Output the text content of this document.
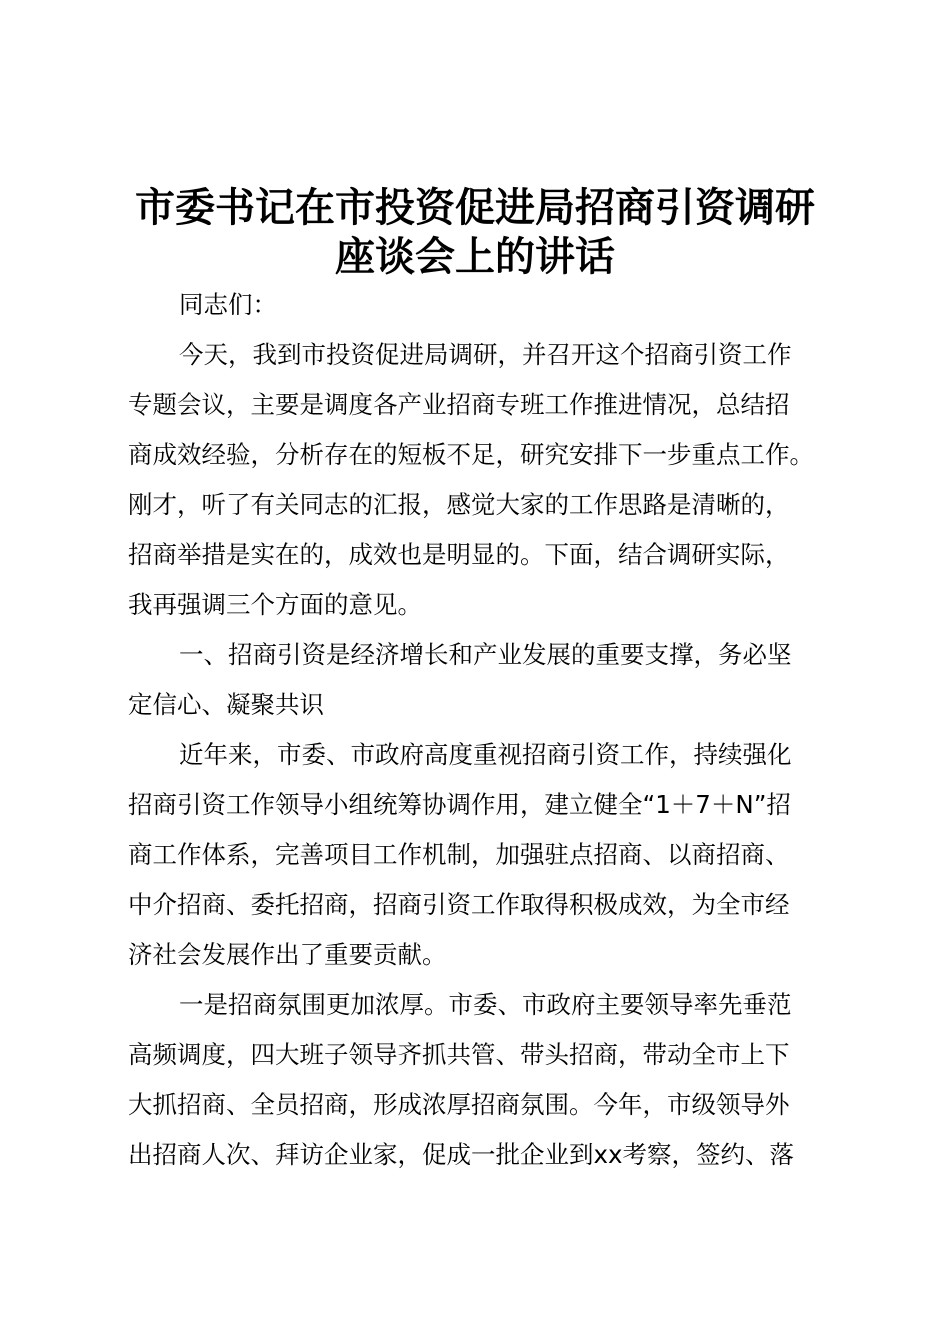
市委书记在市投资促进局招商引资调研
座谈会上的讲话
同志们：
今天，我到市投资促进局调研，并召开这个招商引资工作
专题会议，主要是调度各产业招商专班工作推进情况，总结招
商成效经验，分析存在的短板不足，研究安排下一步重点工作。
刚才，听了有关同志的汇报，感觉大家的工作思路是清晰的，
招商举措是实在的，成效也是明显的。下面，结合调研实际，
我再强调三个方面的意见。
一、招商引资是经济增长和产业发展的重要支撑，务必坚
定信心、凝聚共识
近年来，市委、市政府高度重视招商引资工作，持续强化
招商引资工作领导小组统筹协调作用，建立健全“1＋7＋N”招
商工作体系，完善项目工作机制，加强驻点招商、以商招商、
中介招商、委托招商，招商引资工作取得积极成效，为全市经
济社会发展作出了重要贡献。
一是招商氛围更加浓厚。市委、市政府主要领导率先垂范
高频调度，四大班子领导齐抓共管、带头招商，带动全市上下
大抓招商、全员招商，形成浓厚招商氛围。今年，市级领导外
出招商人次、拜访企业家，促成一批企业到xx考察，签约、落
